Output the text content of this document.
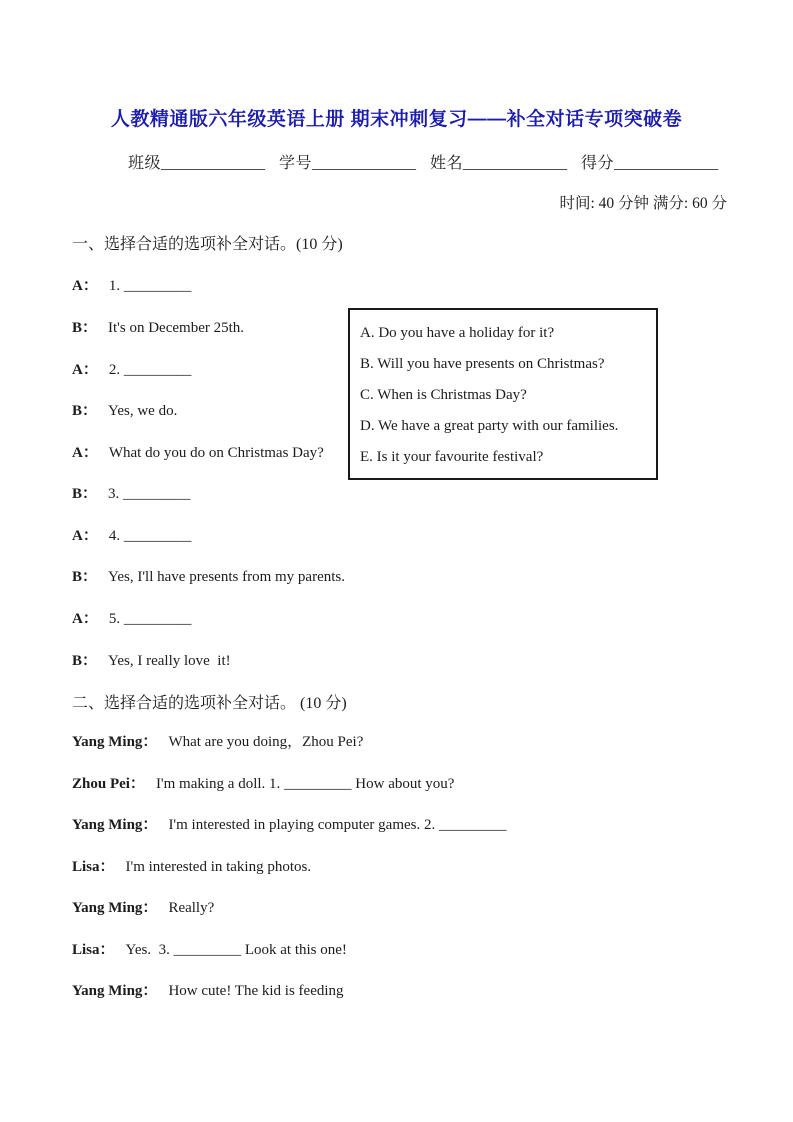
人教精通版六年级英语上册 期末冲刺复习——补全对话专项突破卷
班级_____________ 学号_____________ 姓名_____________ 得分_____________
时间: 40 分钟 满分: 60 分
一、选择合适的选项补全对话。(10 分)
A： 1. _________
B： It's on December 25th.
A： 2. _________
B： Yes, we do.
A： What do you do on Christmas Day?
B： 3. _________
A： 4. _________
B： Yes, I'll have presents from my parents.
A： 5. _________
B： Yes, I really love  it!
A. Do you have a holiday for it?
B. Will you have presents on Christmas?
C. When is Christmas Day?
D. We have a great party with our families.
E. Is it your favourite festival?
二、选择合适的选项补全对话。 (10 分)
Yang Ming： What are you doing，Zhou Pei?
Zhou Pei： I'm making a doll. 1. _________ How about you?
Yang Ming： I'm interested in playing computer games. 2. _________
Lisa： I'm interested in taking photos.
Yang Ming： Really?
Lisa： Yes.  3. _________ Look at this one!
Yang Ming： How cute! The kid is feeding
